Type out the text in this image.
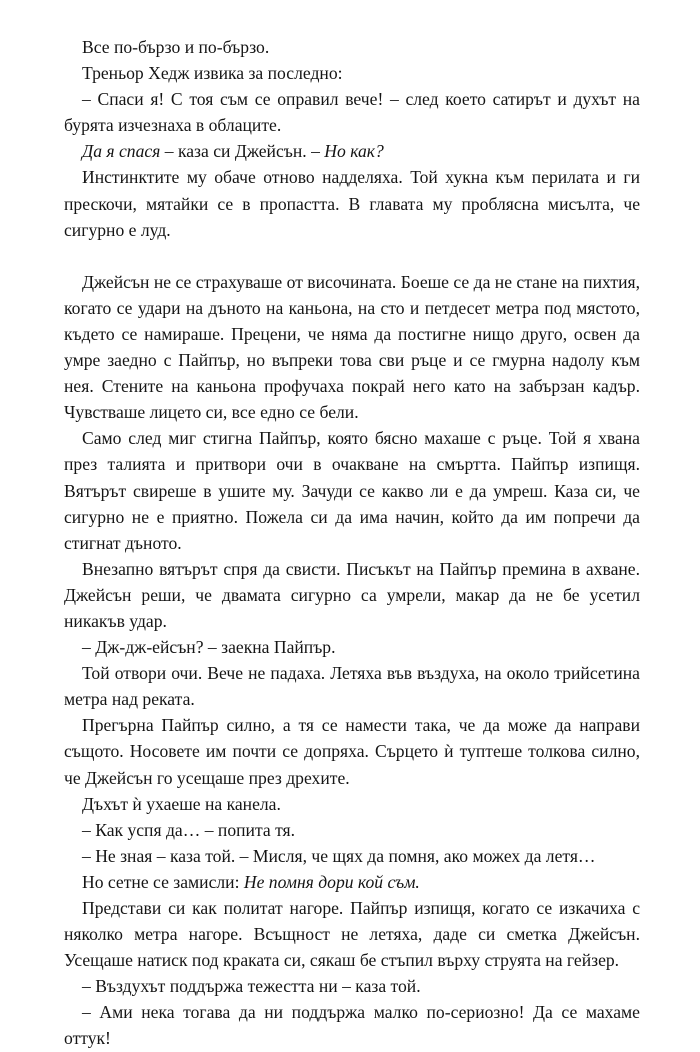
Все по-бързо и по-бързо.

Треньор Хедж извика за последно:

– Спаси я! С тоя съм се оправил вече! – след което сатирът и духът на бурята изчезнаха в облаците.

Да я спася – каза си Джейсън. – Но как?

Инстинктите му обаче отново надделяха. Той хукна към перилата и ги прескочи, мятайки се в пропастта. В главата му проблясна мисълта, че сигурно е луд.

Джейсън не се страхуваше от височината. Боеше се да не стане на пихтия, когато се удари на дъното на каньона, на сто и петдесет метра под мястото, където се намираше. Прецени, че няма да постигне нищо друго, освен да умре заедно с Пайпър, но въпреки това сви ръце и се гмурна надолу към нея. Стените на каньона профучаха покрай него като на забързан кадър. Чувстваше лицето си, все едно се бели.

Само след миг стигна Пайпър, която бясно махаше с ръце. Той я хвана през талията и притвори очи в очакване на смъртта. Пайпър изпищя. Вятърът свиреше в ушите му. Зачуди се какво ли е да умреш. Каза си, че сигурно не е приятно. Пожела си да има начин, който да им попречи да стигнат дъното.

Внезапно вятърът спря да свисти. Писъкът на Пайпър премина в ахване. Джейсън реши, че двамата сигурно са умрели, макар да не бе усетил никакъв удар.

– Дж-дж-ейсън? – заекна Пайпър.

Той отвори очи. Вече не падаха. Летяха във въздуха, на около трийсетина метра над реката.

Прегърна Пайпър силно, а тя се намести така, че да може да направи същото. Носовете им почти се допряха. Сърцето ѝ туптеше толкова силно, че Джейсън го усещаше през дрехите.

Дъхът ѝ ухаеше на канела.

– Как успя да… – попита тя.

– Не зная – каза той. – Мисля, че щях да помня, ако можех да летя…

Но сетне се замисли: Не помня дори кой съм.

Представи си как политат нагоре. Пайпър изпищя, когато се изкачиха с няколко метра нагоре. Всъщност не летяха, даде си сметка Джейсън. Усещаше натиск под краката си, сякаш бе стъпил върху струята на гейзер.

– Въздухът поддържа тежестта ни – каза той.

– Ами нека тогава да ни поддържа малко по-сериозно! Да се махаме оттук!
